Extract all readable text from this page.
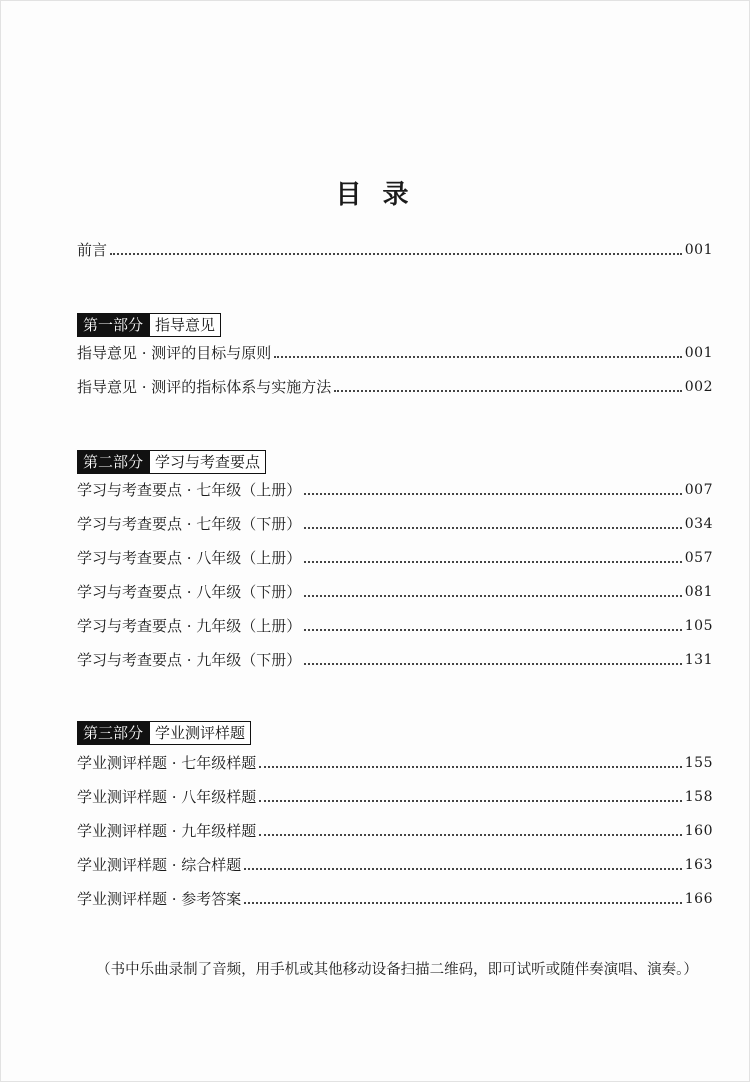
目 录
前言	001
第一部分 指导意见
指导意见 · 测评的目标与原则	001
指导意见 · 测评的指标体系与实施方法	002
第二部分 学习与考查要点
学习与考查要点 · 七年级（上册）	007
学习与考查要点 · 七年级（下册）	034
学习与考查要点 · 八年级（上册）	057
学习与考查要点 · 八年级（下册）	081
学习与考查要点 · 九年级（上册）	105
学习与考查要点 · 九年级（下册）	131
第三部分 学业测评样题
学业测评样题 · 七年级样题	155
学业测评样题 · 八年级样题	158
学业测评样题 · 九年级样题	160
学业测评样题 · 综合样题	163
学业测评样题 · 参考答案	166
（书中乐曲录制了音频，用手机或其他移动设备扫描二维码，即可试听或随伴奏演唱、演奏。）
